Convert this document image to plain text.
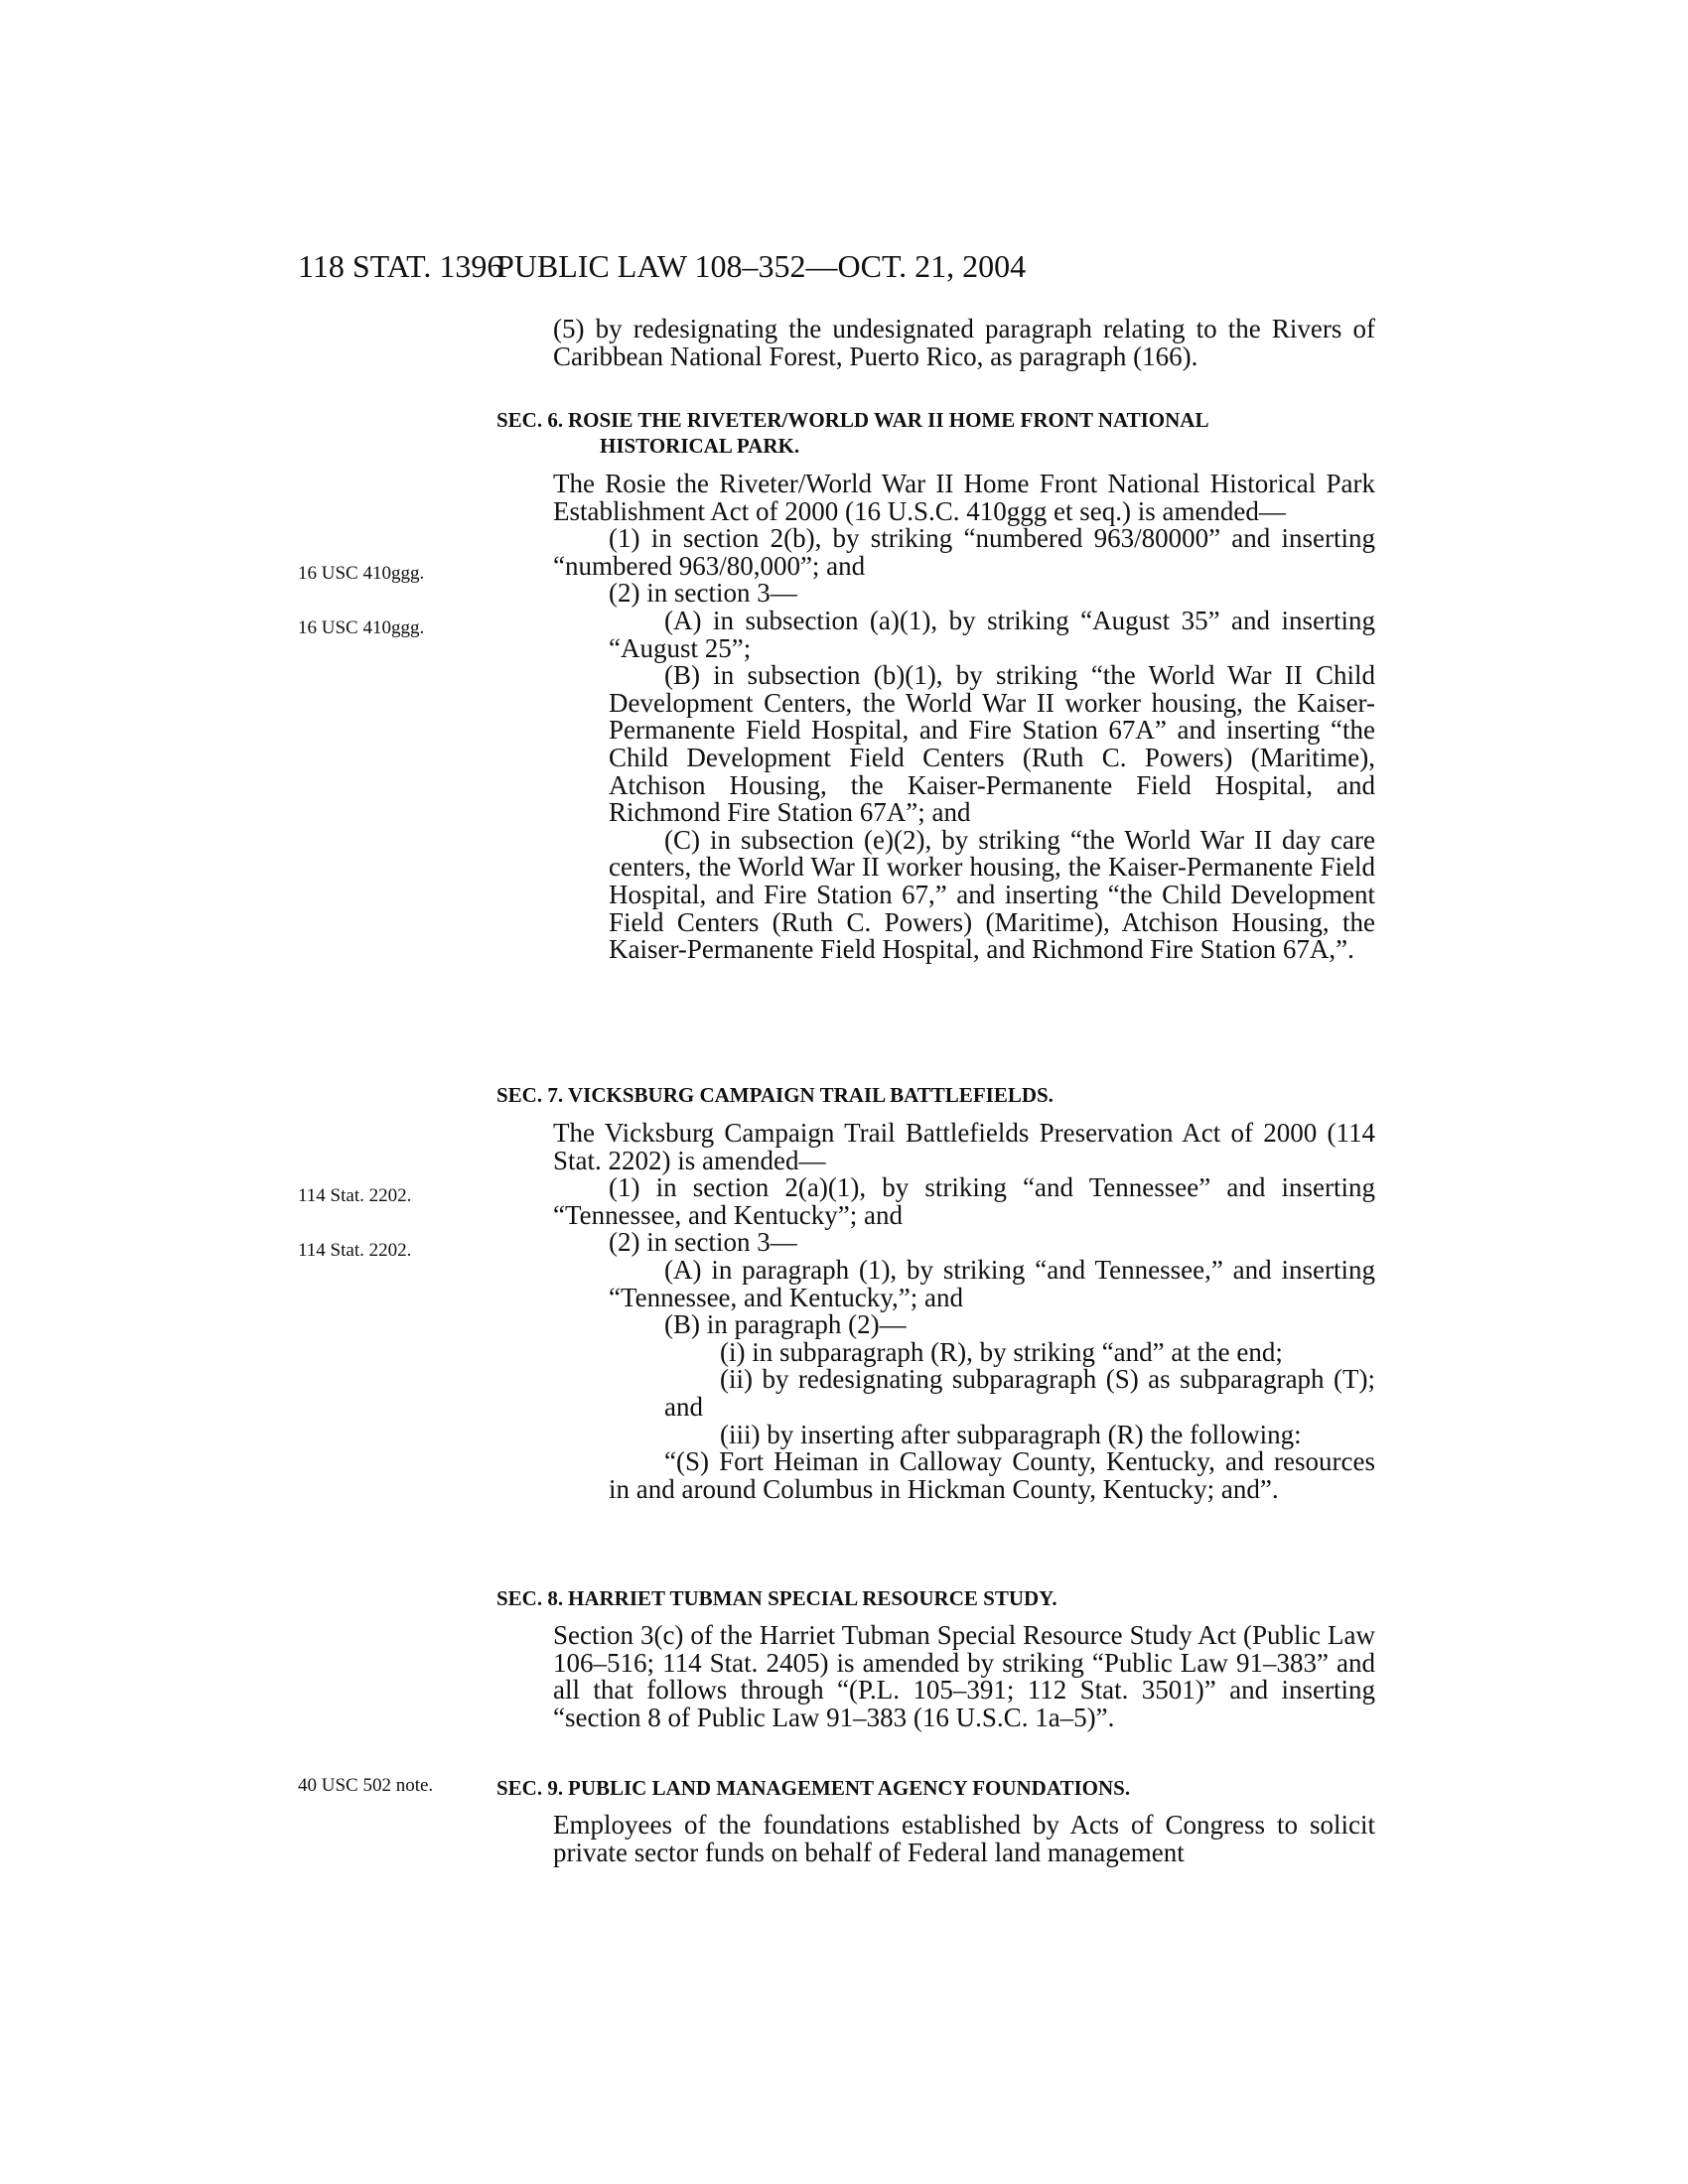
118 STAT. 1396
PUBLIC LAW 108–352—OCT. 21, 2004
(5) by redesignating the undesignated paragraph relating to the Rivers of Caribbean National Forest, Puerto Rico, as paragraph (166).
SEC. 6. ROSIE THE RIVETER/WORLD WAR II HOME FRONT NATIONAL
HISTORICAL PARK.
The Rosie the Riveter/World War II Home Front National Historical Park Establishment Act of 2000 (16 U.S.C. 410ggg et seq.) is amended—
(1) in section 2(b), by striking “numbered 963/80000” and inserting “numbered 963/80,000”; and
(2) in section 3—
(A) in subsection (a)(1), by striking “August 35” and inserting “August 25”;
(B) in subsection (b)(1), by striking “the World War II Child Development Centers, the World War II worker housing, the Kaiser-Permanente Field Hospital, and Fire Station 67A” and inserting “the Child Development Field Centers (Ruth C. Powers) (Maritime), Atchison Housing, the Kaiser-Permanente Field Hospital, and Richmond Fire Station 67A”; and
(C) in subsection (e)(2), by striking “the World War II day care centers, the World War II worker housing, the Kaiser-Permanente Field Hospital, and Fire Station 67,” and inserting “the Child Development Field Centers (Ruth C. Powers) (Maritime), Atchison Housing, the Kaiser-Permanente Field Hospital, and Richmond Fire Station 67A,”.
SEC. 7. VICKSBURG CAMPAIGN TRAIL BATTLEFIELDS.
The Vicksburg Campaign Trail Battlefields Preservation Act of 2000 (114 Stat. 2202) is amended—
(1) in section 2(a)(1), by striking “and Tennessee” and inserting “Tennessee, and Kentucky”; and
(2) in section 3—
(A) in paragraph (1), by striking “and Tennessee,” and inserting “Tennessee, and Kentucky,”; and
(B) in paragraph (2)—
(i) in subparagraph (R), by striking “and” at the end;
(ii) by redesignating subparagraph (S) as subparagraph (T); and
(iii) by inserting after subparagraph (R) the following:
“(S) Fort Heiman in Calloway County, Kentucky, and resources in and around Columbus in Hickman County, Kentucky; and”.
SEC. 8. HARRIET TUBMAN SPECIAL RESOURCE STUDY.
Section 3(c) of the Harriet Tubman Special Resource Study Act (Public Law 106–516; 114 Stat. 2405) is amended by striking “Public Law 91–383” and all that follows through “(P.L. 105–391; 112 Stat. 3501)” and inserting “section 8 of Public Law 91–383 (16 U.S.C. 1a–5)”.
SEC. 9. PUBLIC LAND MANAGEMENT AGENCY FOUNDATIONS.
Employees of the foundations established by Acts of Congress to solicit private sector funds on behalf of Federal land management
16 USC 410ggg.
16 USC 410ggg.
114 Stat. 2202.
114 Stat. 2202.
40 USC 502 note.
